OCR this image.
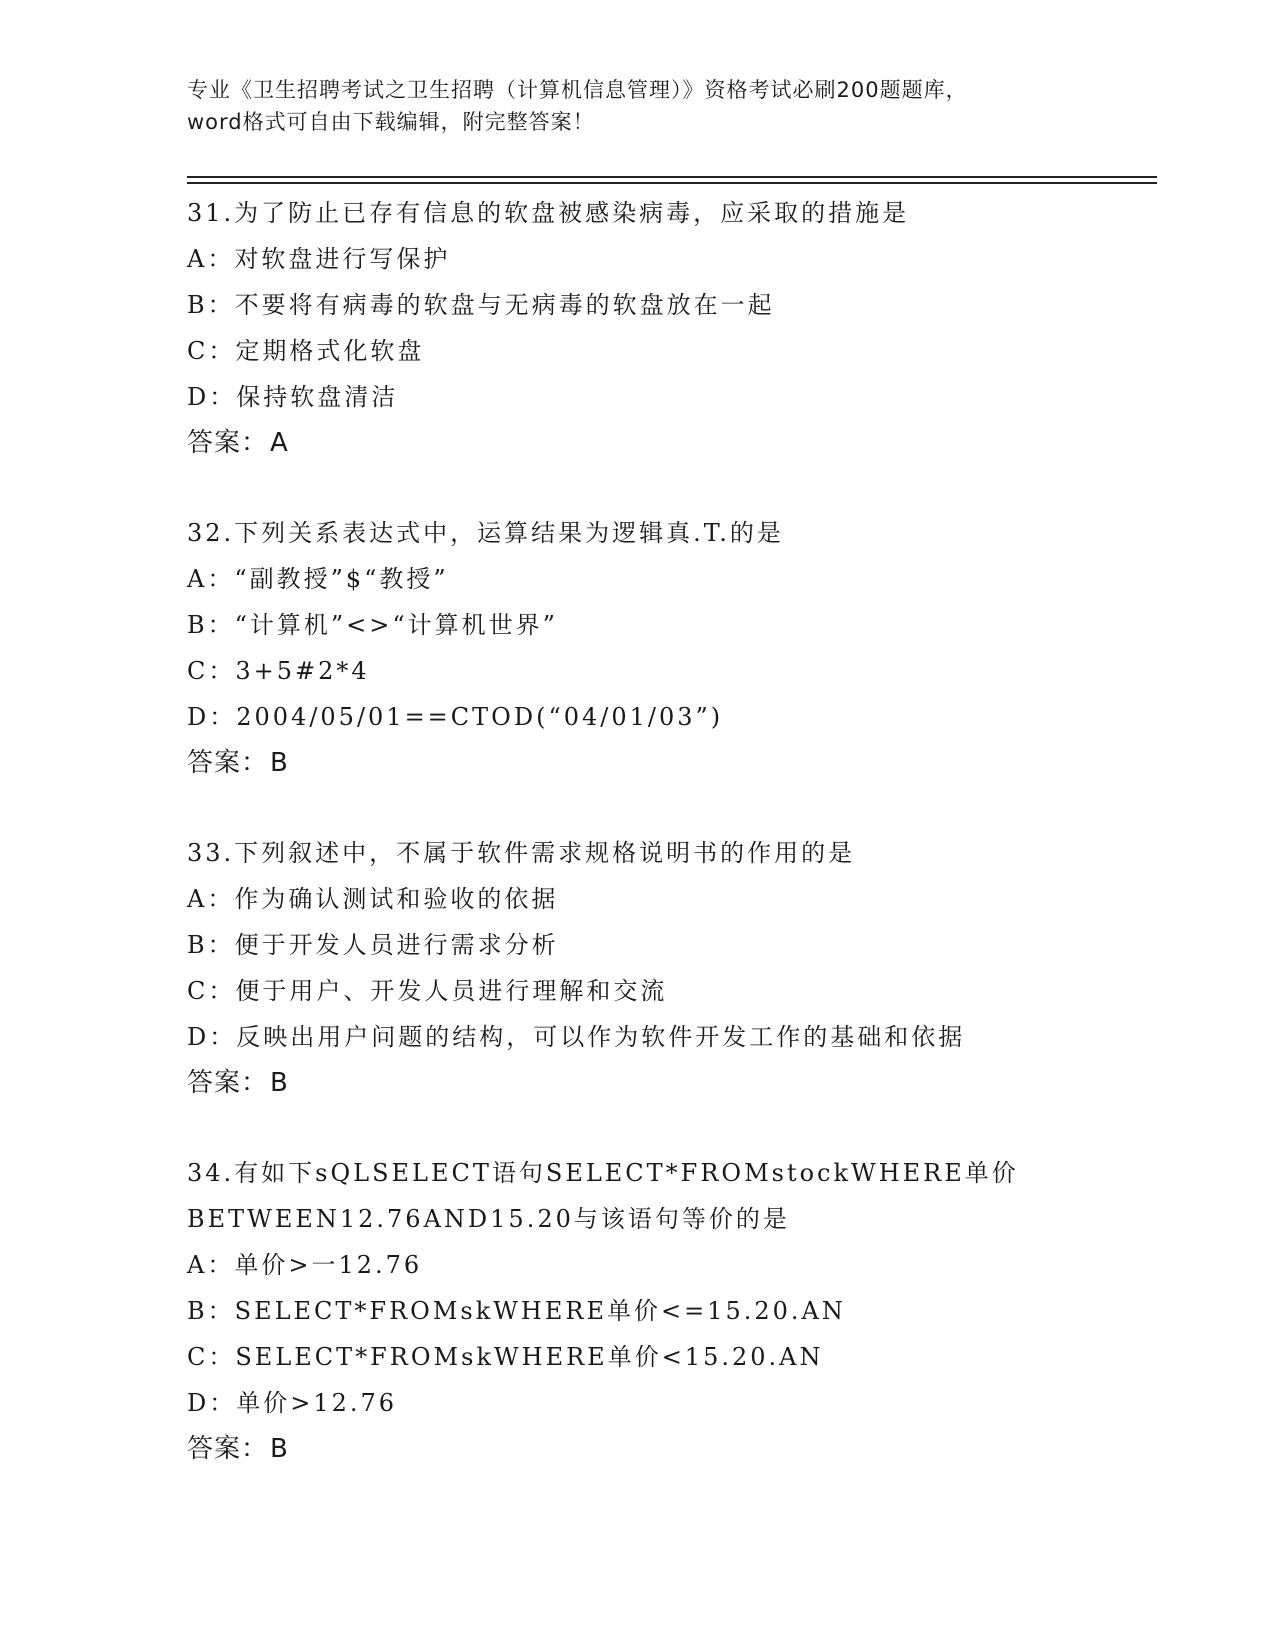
专业《卫生招聘考试之卫生招聘（计算机信息管理）》资格考试必刷200题题库，
word格式可自由下载编辑，附完整答案！
31.为了防止已存有信息的软盘被感染病毒，应采取的措施是
A：对软盘进行写保护
B：不要将有病毒的软盘与无病毒的软盘放在一起
C：定期格式化软盘
D：保持软盘清洁
答案：A
32.下列关系表达式中，运算结果为逻辑真.T.的是
A：“副教授”$“教授”
B：“计算机”<>“计算机世界”
C：3+5#2*4
D：2004/05/01==CTOD(“04/01/03”)
答案：B
33.下列叙述中，不属于软件需求规格说明书的作用的是
A：作为确认测试和验收的依据
B：便于开发人员进行需求分析
C：便于用户、开发人员进行理解和交流
D：反映出用户问题的结构，可以作为软件开发工作的基础和依据
答案：B
34.有如下sQLSELECT语句SELECT*FROMstockWHERE单价
BETWEEN12.76AND15.20与该语句等价的是
A：单价>一12.76
B：SELECT*FROMskWHERE单价<=15.20.AN
C：SELECT*FROMskWHERE单价<15.20.AN
D：单价>12.76
答案：B
